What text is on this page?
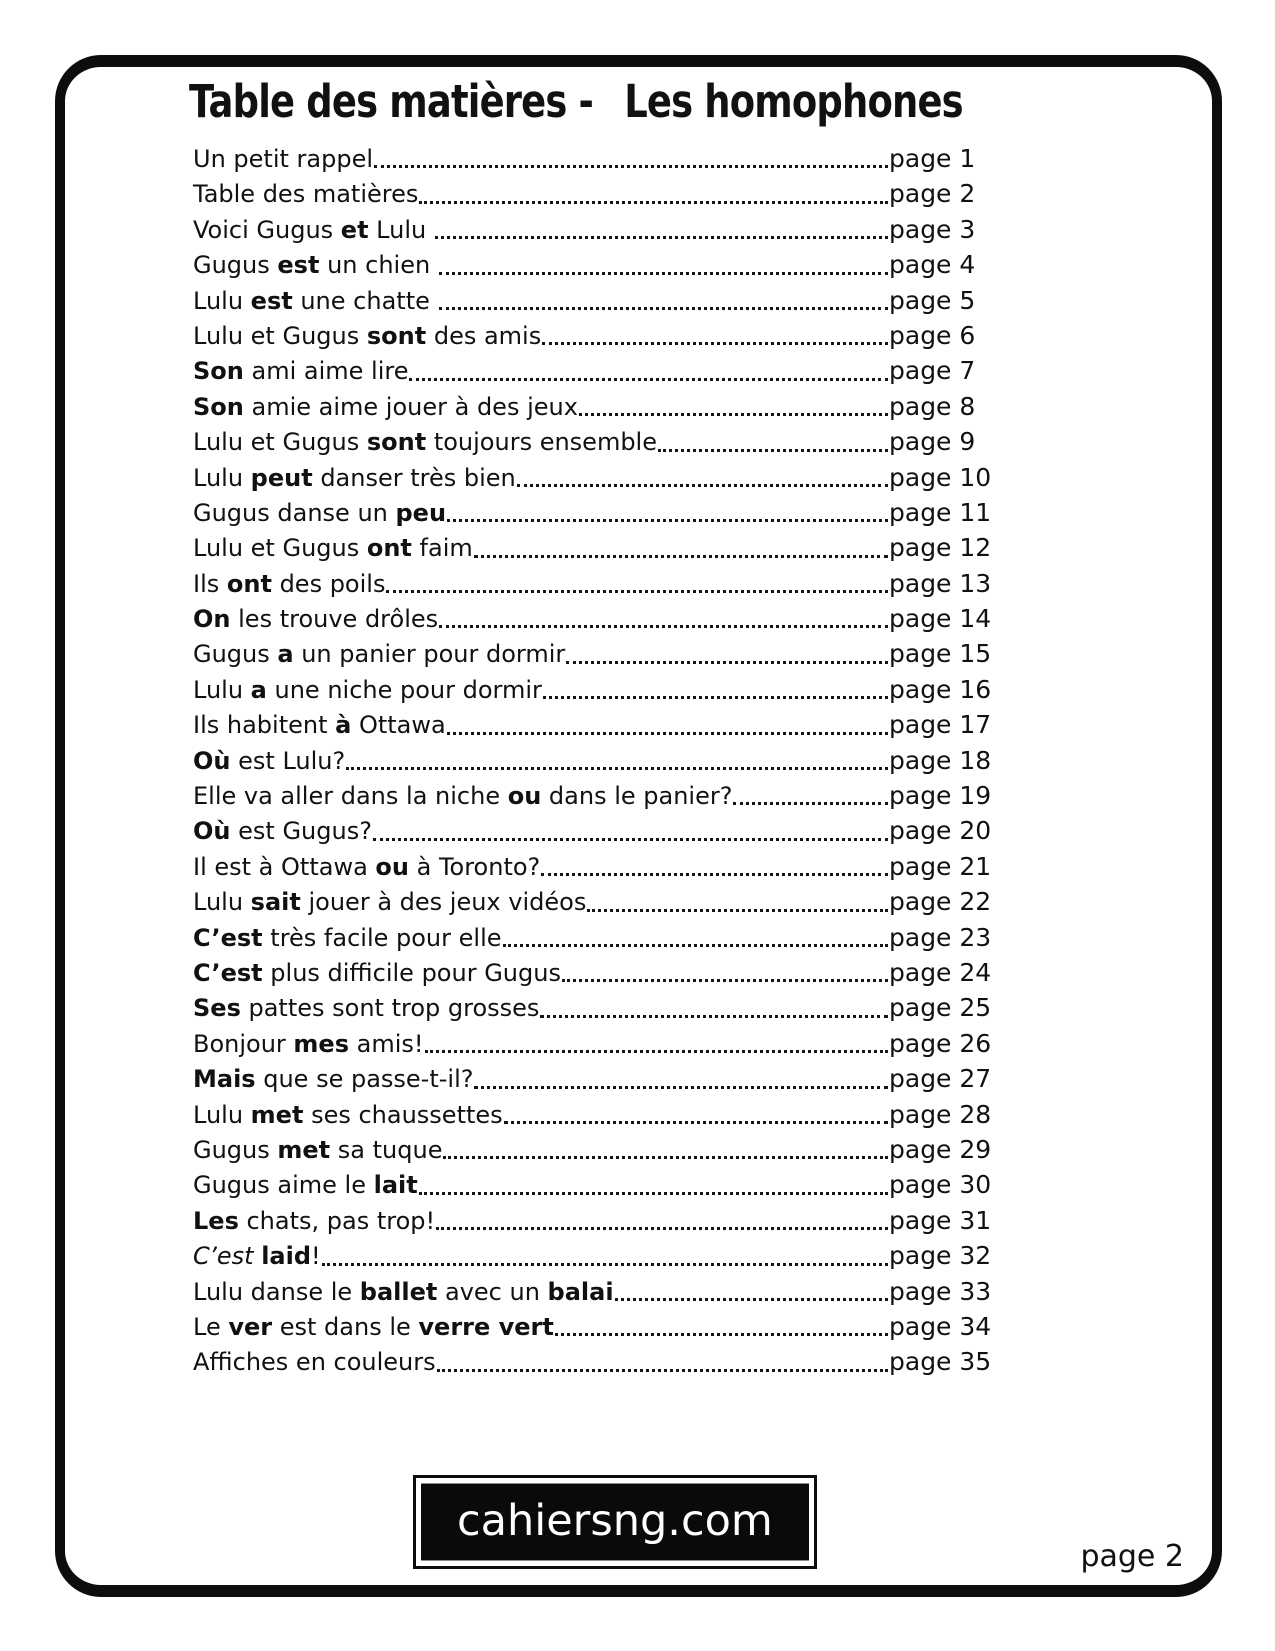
Table des matières - Les homophones
Un petit rappel	page 1
Table des matières	page 2
Voici Gugus et Lulu	page 3
Gugus est un chien	page 4
Lulu est une chatte	page 5
Lulu et Gugus sont des amis	page 6
Son ami aime lire	page 7
Son amie aime jouer à des jeux	page 8
Lulu et Gugus sont toujours ensemble	page 9
Lulu peut danser très bien	page 10
Gugus danse un peu	page 11
Lulu et Gugus ont faim	page 12
Ils ont des poils	page 13
On les trouve drôles	page 14
Gugus a un panier pour dormir	page 15
Lulu a une niche pour dormir	page 16
Ils habitent à Ottawa	page 17
Où est Lulu?	page 18
Elle va aller dans la niche ou dans le panier?	page 19
Où est Gugus?	page 20
Il est à Ottawa ou à Toronto?	page 21
Lulu sait jouer à des jeux vidéos	page 22
C’est très facile pour elle	page 23
C’est plus difficile pour Gugus	page 24
Ses pattes sont trop grosses	page 25
Bonjour mes amis!	page 26
Mais que se passe-t-il?	page 27
Lulu met ses chaussettes	page 28
Gugus met sa tuque	page 29
Gugus aime le lait	page 30
Les chats, pas trop!	page 31
C’est laid!	page 32
Lulu danse le ballet avec un balai	page 33
Le ver est dans le verre vert	page 34
Affiches en couleurs	page 35
cahiersng.com
page 2
